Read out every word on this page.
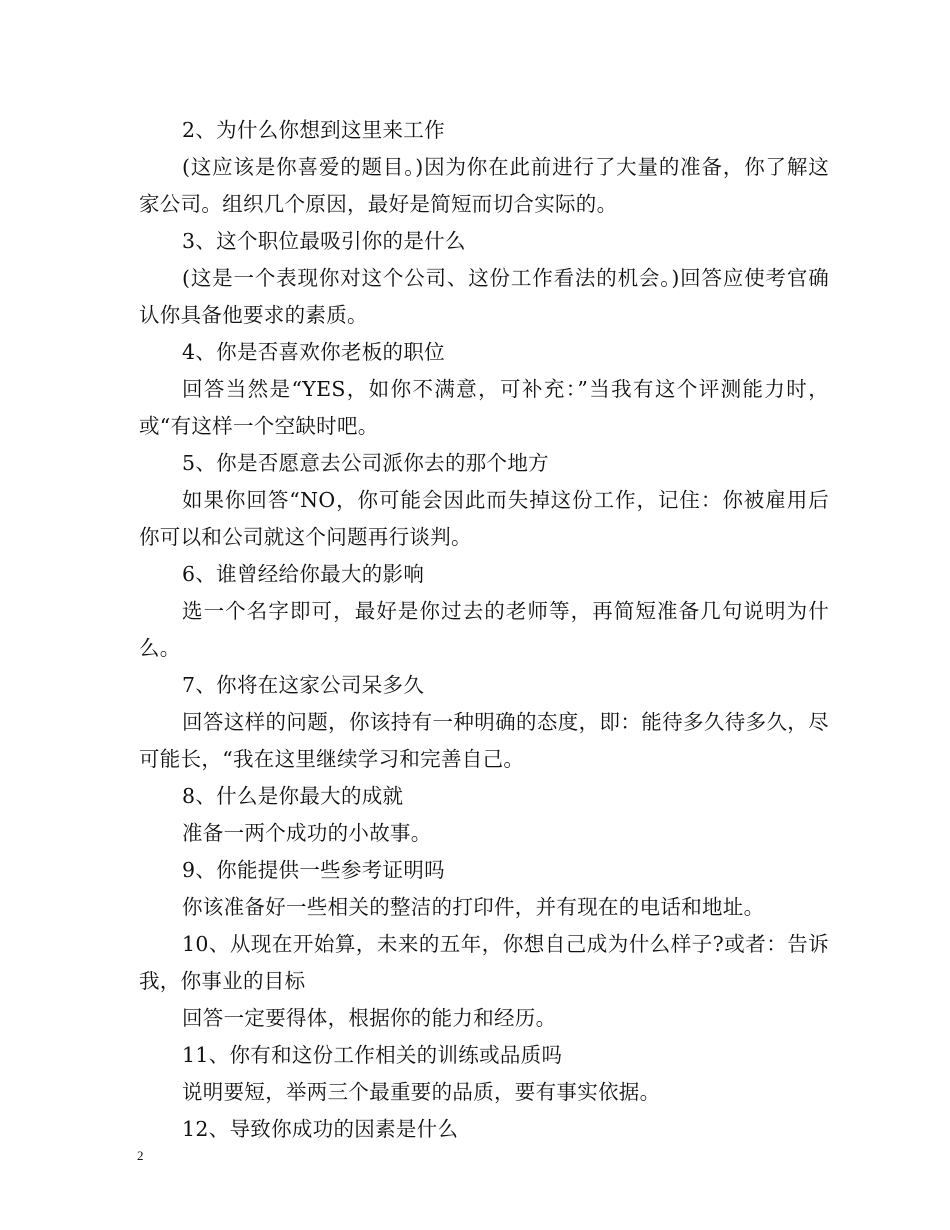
2、为什么你想到这里来工作

(这应该是你喜爱的题目。)因为你在此前进行了大量的准备，你了解这家公司。组织几个原因，最好是简短而切合实际的。

3、这个职位最吸引你的是什么

(这是一个表现你对这个公司、这份工作看法的机会。)回答应使考官确认你具备他要求的素质。

4、你是否喜欢你老板的职位

回答当然是“YES，如你不满意，可补充：”当我有这个评测能力时，或“有这样一个空缺时吧。

5、你是否愿意去公司派你去的那个地方

如果你回答“NO，你可能会因此而失掉这份工作，记住：你被雇用后你可以和公司就这个问题再行谈判。

6、谁曾经给你最大的影响

选一个名字即可，最好是你过去的老师等，再简短准备几句说明为什么。

7、你将在这家公司呆多久

回答这样的问题，你该持有一种明确的态度，即：能待多久待多久，尽可能长，“我在这里继续学习和完善自己。

8、什么是你最大的成就

准备一两个成功的小故事。

9、你能提供一些参考证明吗

你该准备好一些相关的整洁的打印件，并有现在的电话和地址。

10、从现在开始算，未来的五年，你想自己成为什么样子?或者：告诉我，你事业的目标

回答一定要得体，根据你的能力和经历。

11、你有和这份工作相关的训练或品质吗

说明要短，举两三个最重要的品质，要有事实依据。

12、导致你成功的因素是什么

2
